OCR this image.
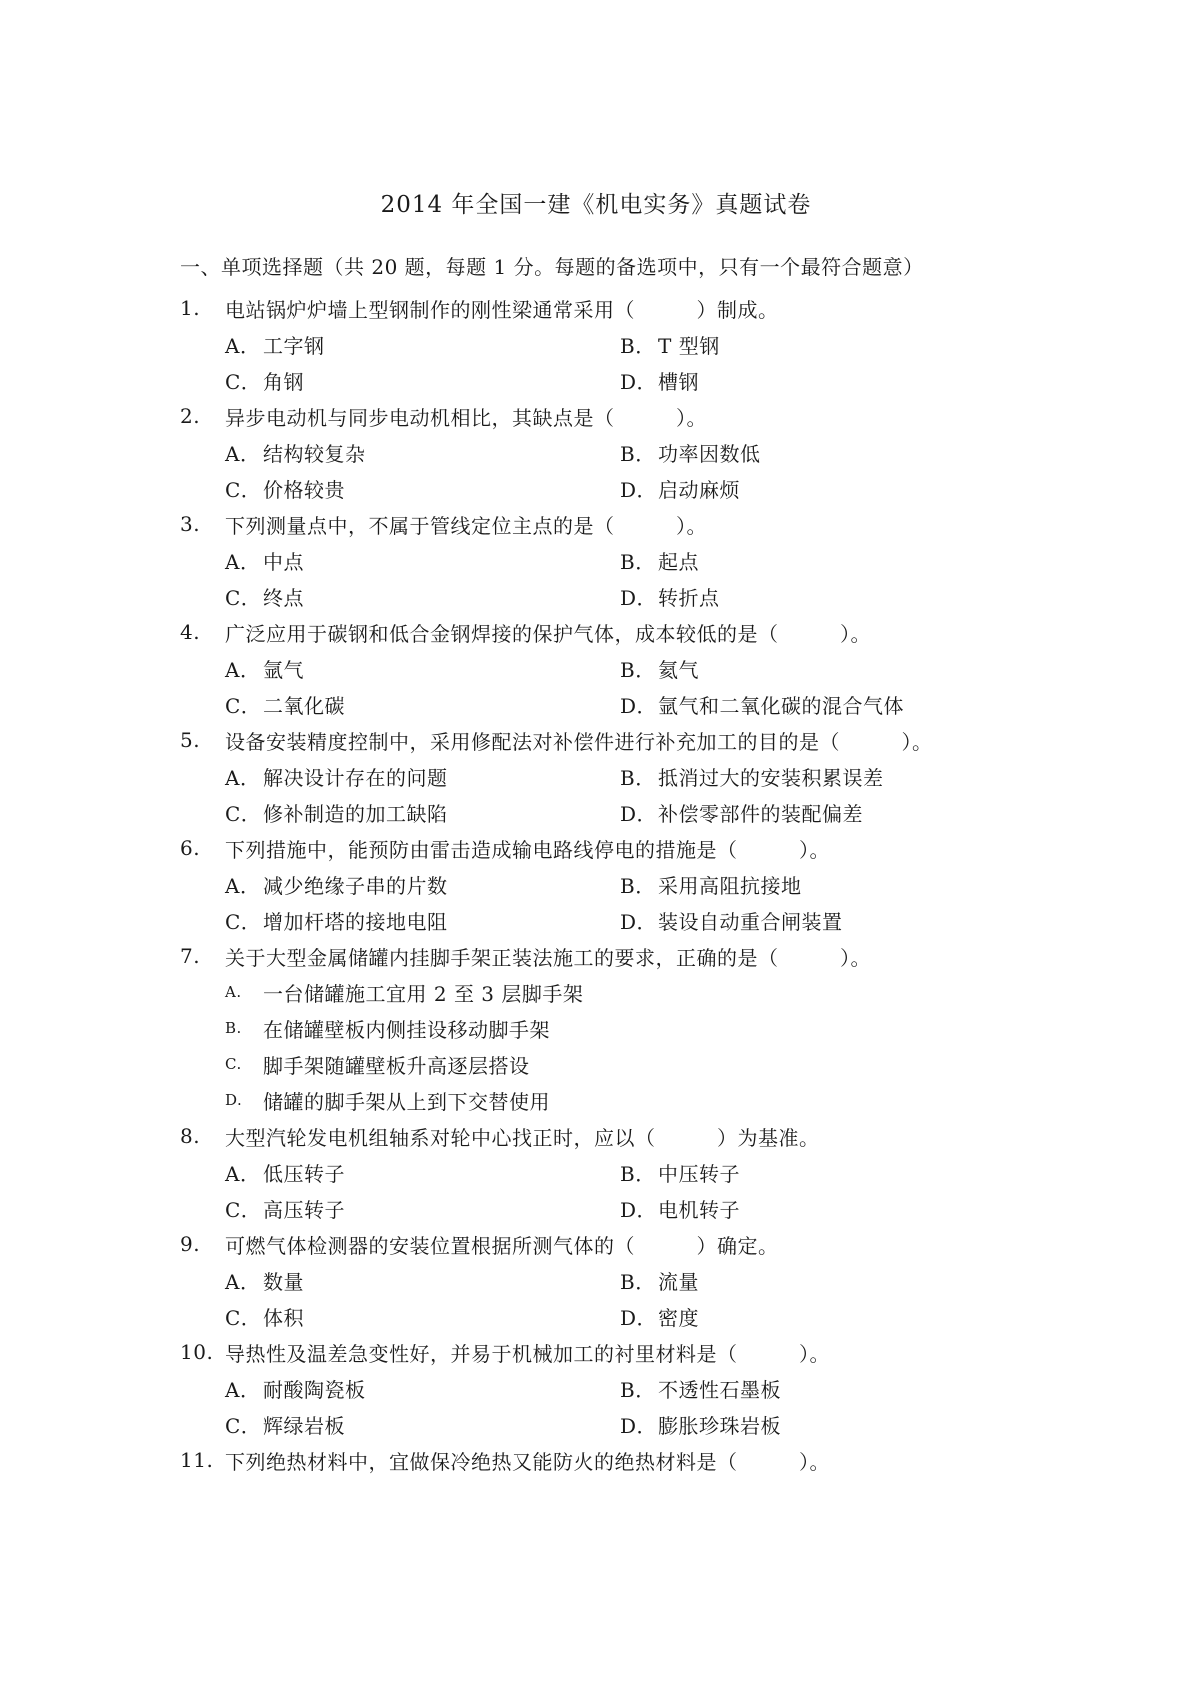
2014 年全国一建《机电实务》真题试卷
一、单项选择题（共 20 题，每题 1 分。每题的备选项中，只有一个最符合题意）
1.	电站锅炉炉墙上型钢制作的刚性梁通常采用（　　　）制成。
A． 工字钢	B． T 型钢
C．角钢	D．槽钢
2.	异步电动机与同步电动机相比，其缺点是（　　　）。
A． 结构较复杂	B． 功率因数低
C．价格较贵	D．启动麻烦
3.	下列测量点中，不属于管线定位主点的是（　　　）。
A． 中点	B． 起点
C．终点	D．转折点
4.	广泛应用于碳钢和低合金钢焊接的保护气体，成本较低的是（　　　）。
A． 氩气	B． 氦气
C．二氧化碳	D．氩气和二氧化碳的混合气体
5.	设备安装精度控制中，采用修配法对补偿件进行补充加工的目的是（　　　）。
A． 解决设计存在的问题	B． 抵消过大的安装积累误差
C．修补制造的加工缺陷	D．补偿零部件的装配偏差
6.	下列措施中，能预防由雷击造成输电路线停电的措施是（　　　）。
A． 减少绝缘子串的片数	B． 采用高阻抗接地
C．增加杆塔的接地电阻	D．装设自动重合闸装置
7.	关于大型金属储罐内挂脚手架正装法施工的要求，正确的是（　　　）。
A.	一台储罐施工宜用 2 至 3 层脚手架
B.	在储罐壁板内侧挂设移动脚手架
C.	脚手架随罐壁板升高逐层搭设
D.	储罐的脚手架从上到下交替使用
8.	大型汽轮发电机组轴系对轮中心找正时，应以（　　　）为基准。
A． 低压转子	B． 中压转子
C．高压转子	D．电机转子
9.	可燃气体检测器的安装位置根据所测气体的（　　　）确定。
A． 数量	B． 流量
C．体积	D．密度
10. 导热性及温差急变性好，并易于机械加工的衬里材料是（　　　）。
A． 耐酸陶瓷板	B． 不透性石墨板
C．辉绿岩板	D．膨胀珍珠岩板
11. 下列绝热材料中，宜做保冷绝热又能防火的绝热材料是（　　　）。
